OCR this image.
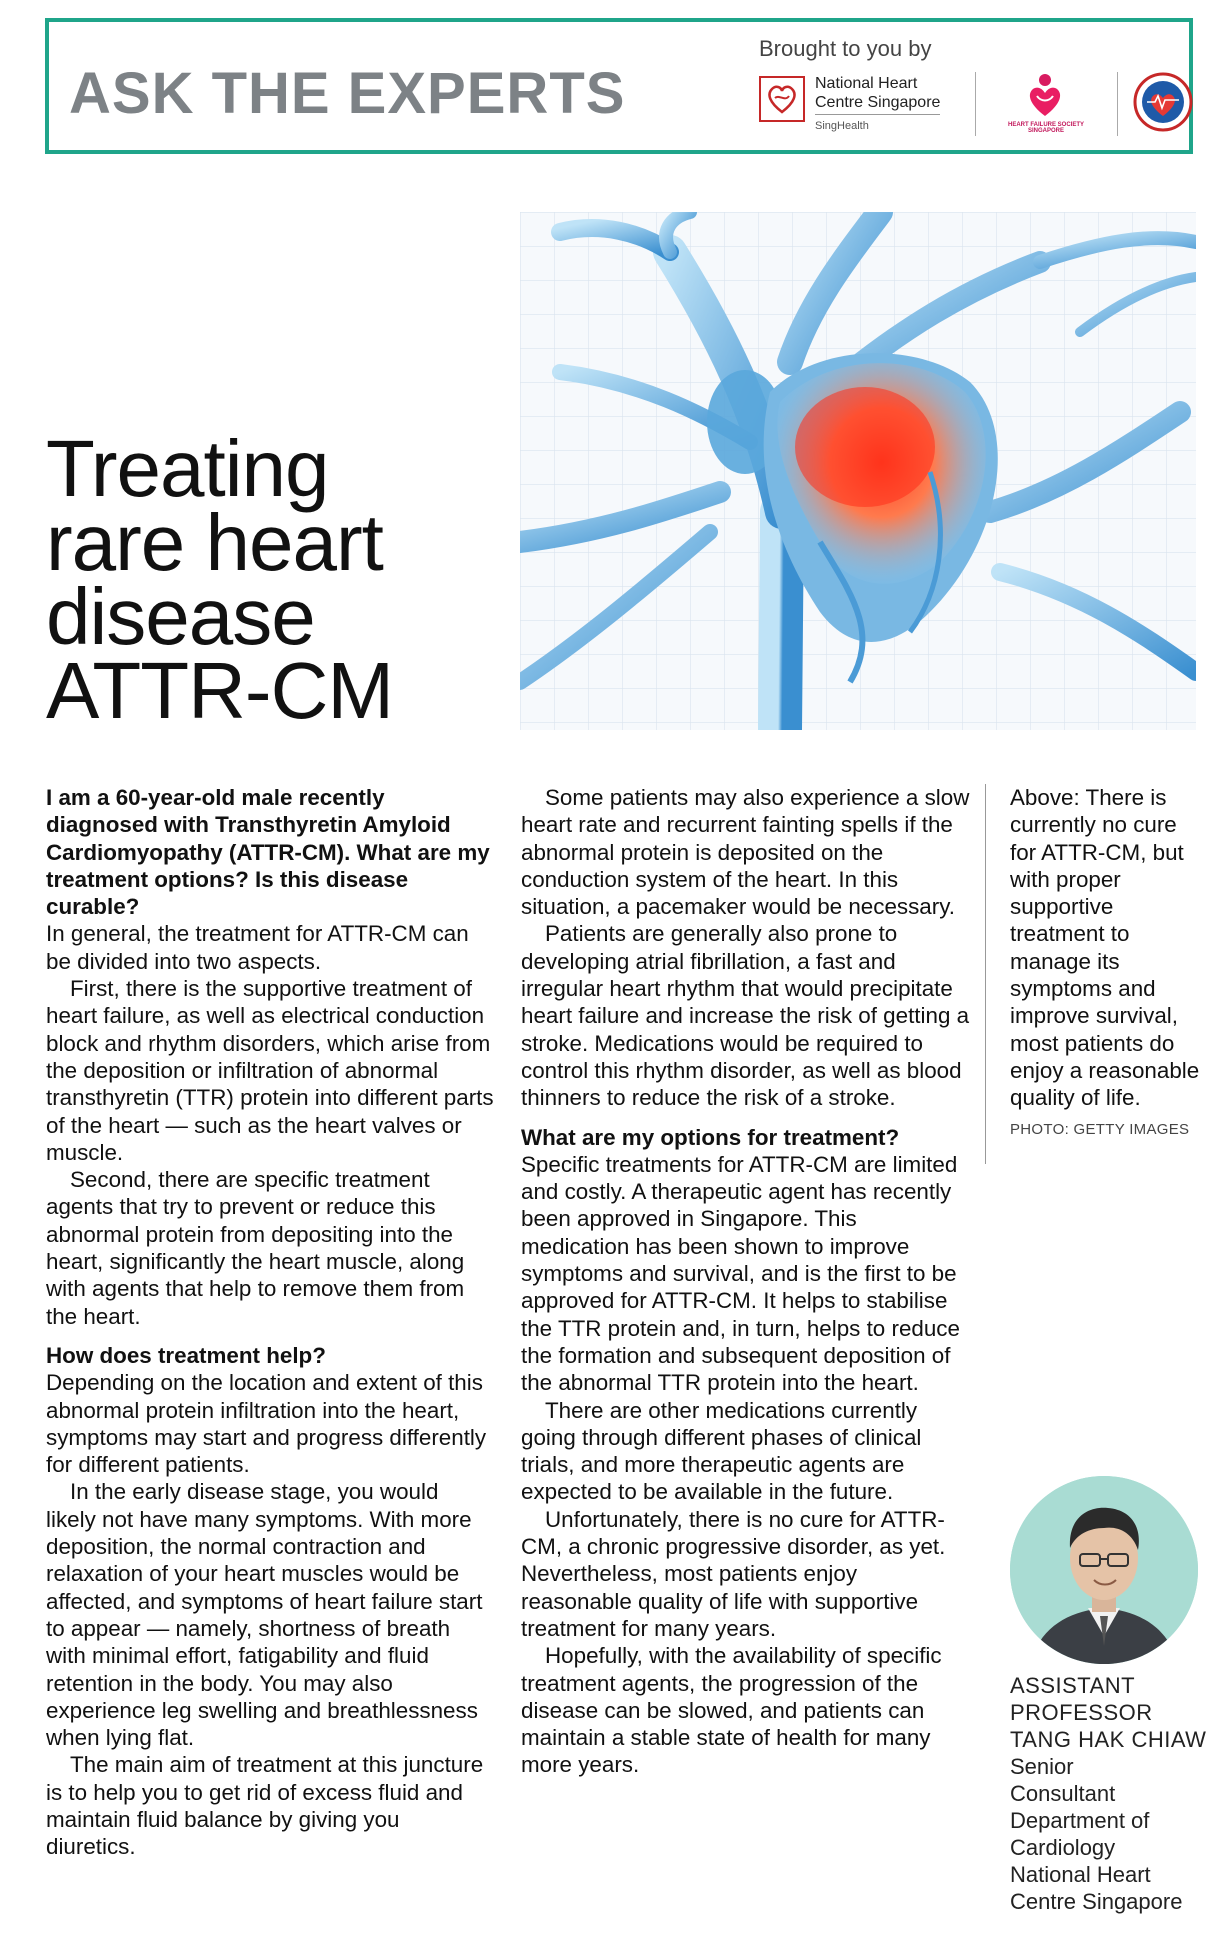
ASK THE EXPERTS
Brought to you by
National Heart
Centre Singapore
SingHealth	HEART FAILURE SOCIETY SINGAPORE
Treating
rare heart
disease
ATTR-CM

I am a 60-year-old male recently diagnosed with Transthyretin Amyloid Cardiomyopathy (ATTR-CM). What are my treatment options? Is this disease curable?

In general, the treatment for ATTR-CM can be divided into two aspects.

First, there is the supportive treatment of heart failure, as well as electrical conduction block and rhythm disorders, which arise from the deposition or infiltration of abnormal transthyretin (TTR) protein into different parts of the heart — such as the heart valves or muscle.

Second, there are specific treatment agents that try to prevent or reduce this abnormal protein from depositing into the heart, significantly the heart muscle, along with agents that help to remove them from the heart.

How does treatment help?

Depending on the location and extent of this abnormal protein infiltration into the heart, symptoms may start and progress differently for different patients.

In the early disease stage, you would likely not have many symptoms. With more deposition, the normal contraction and relaxation of your heart muscles would be affected, and symptoms of heart failure start to appear — namely, shortness of breath with minimal effort, fatigability and fluid retention in the body. You may also experience leg swelling and breathlessness when lying flat.

The main aim of treatment at this juncture is to help you to get rid of excess fluid and maintain fluid balance by giving you diuretics.

Some patients may also experience a slow heart rate and recurrent fainting spells if the abnormal protein is deposited on the conduction system of the heart. In this situation, a pacemaker would be necessary.

Patients are generally also prone to developing atrial fibrillation, a fast and irregular heart rhythm that would precipitate heart failure and increase the risk of getting a stroke. Medications would be required to control this rhythm disorder, as well as blood thinners to reduce the risk of a stroke.

What are my options for treatment?

Specific treatments for ATTR-CM are limited and costly. A therapeutic agent has recently been approved in Singapore. This medication has been shown to improve symptoms and survival, and is the first to be approved for ATTR-CM. It helps to stabilise the TTR protein and, in turn, helps to reduce the formation and subsequent deposition of the abnormal TTR protein into the heart.

There are other medications currently going through different phases of clinical trials, and more therapeutic agents are expected to be available in the future.

Unfortunately, there is no cure for ATTR-CM, a chronic progressive disorder, as yet. Nevertheless, most patients enjoy reasonable quality of life with supportive treatment for many years.

Hopefully, with the availability of specific treatment agents, the progression of the disease can be slowed, and patients can maintain a stable state of health for many more years.

Above: There is currently no cure for ATTR-CM, but with proper supportive treatment to manage its symptoms and improve survival, most patients do enjoy a reasonable quality of life.

PHOTO: GETTY IMAGES

ASSISTANT
PROFESSOR
TANG HAK CHIAW
Senior
Consultant
Department of
Cardiology
National Heart
Centre Singapore
